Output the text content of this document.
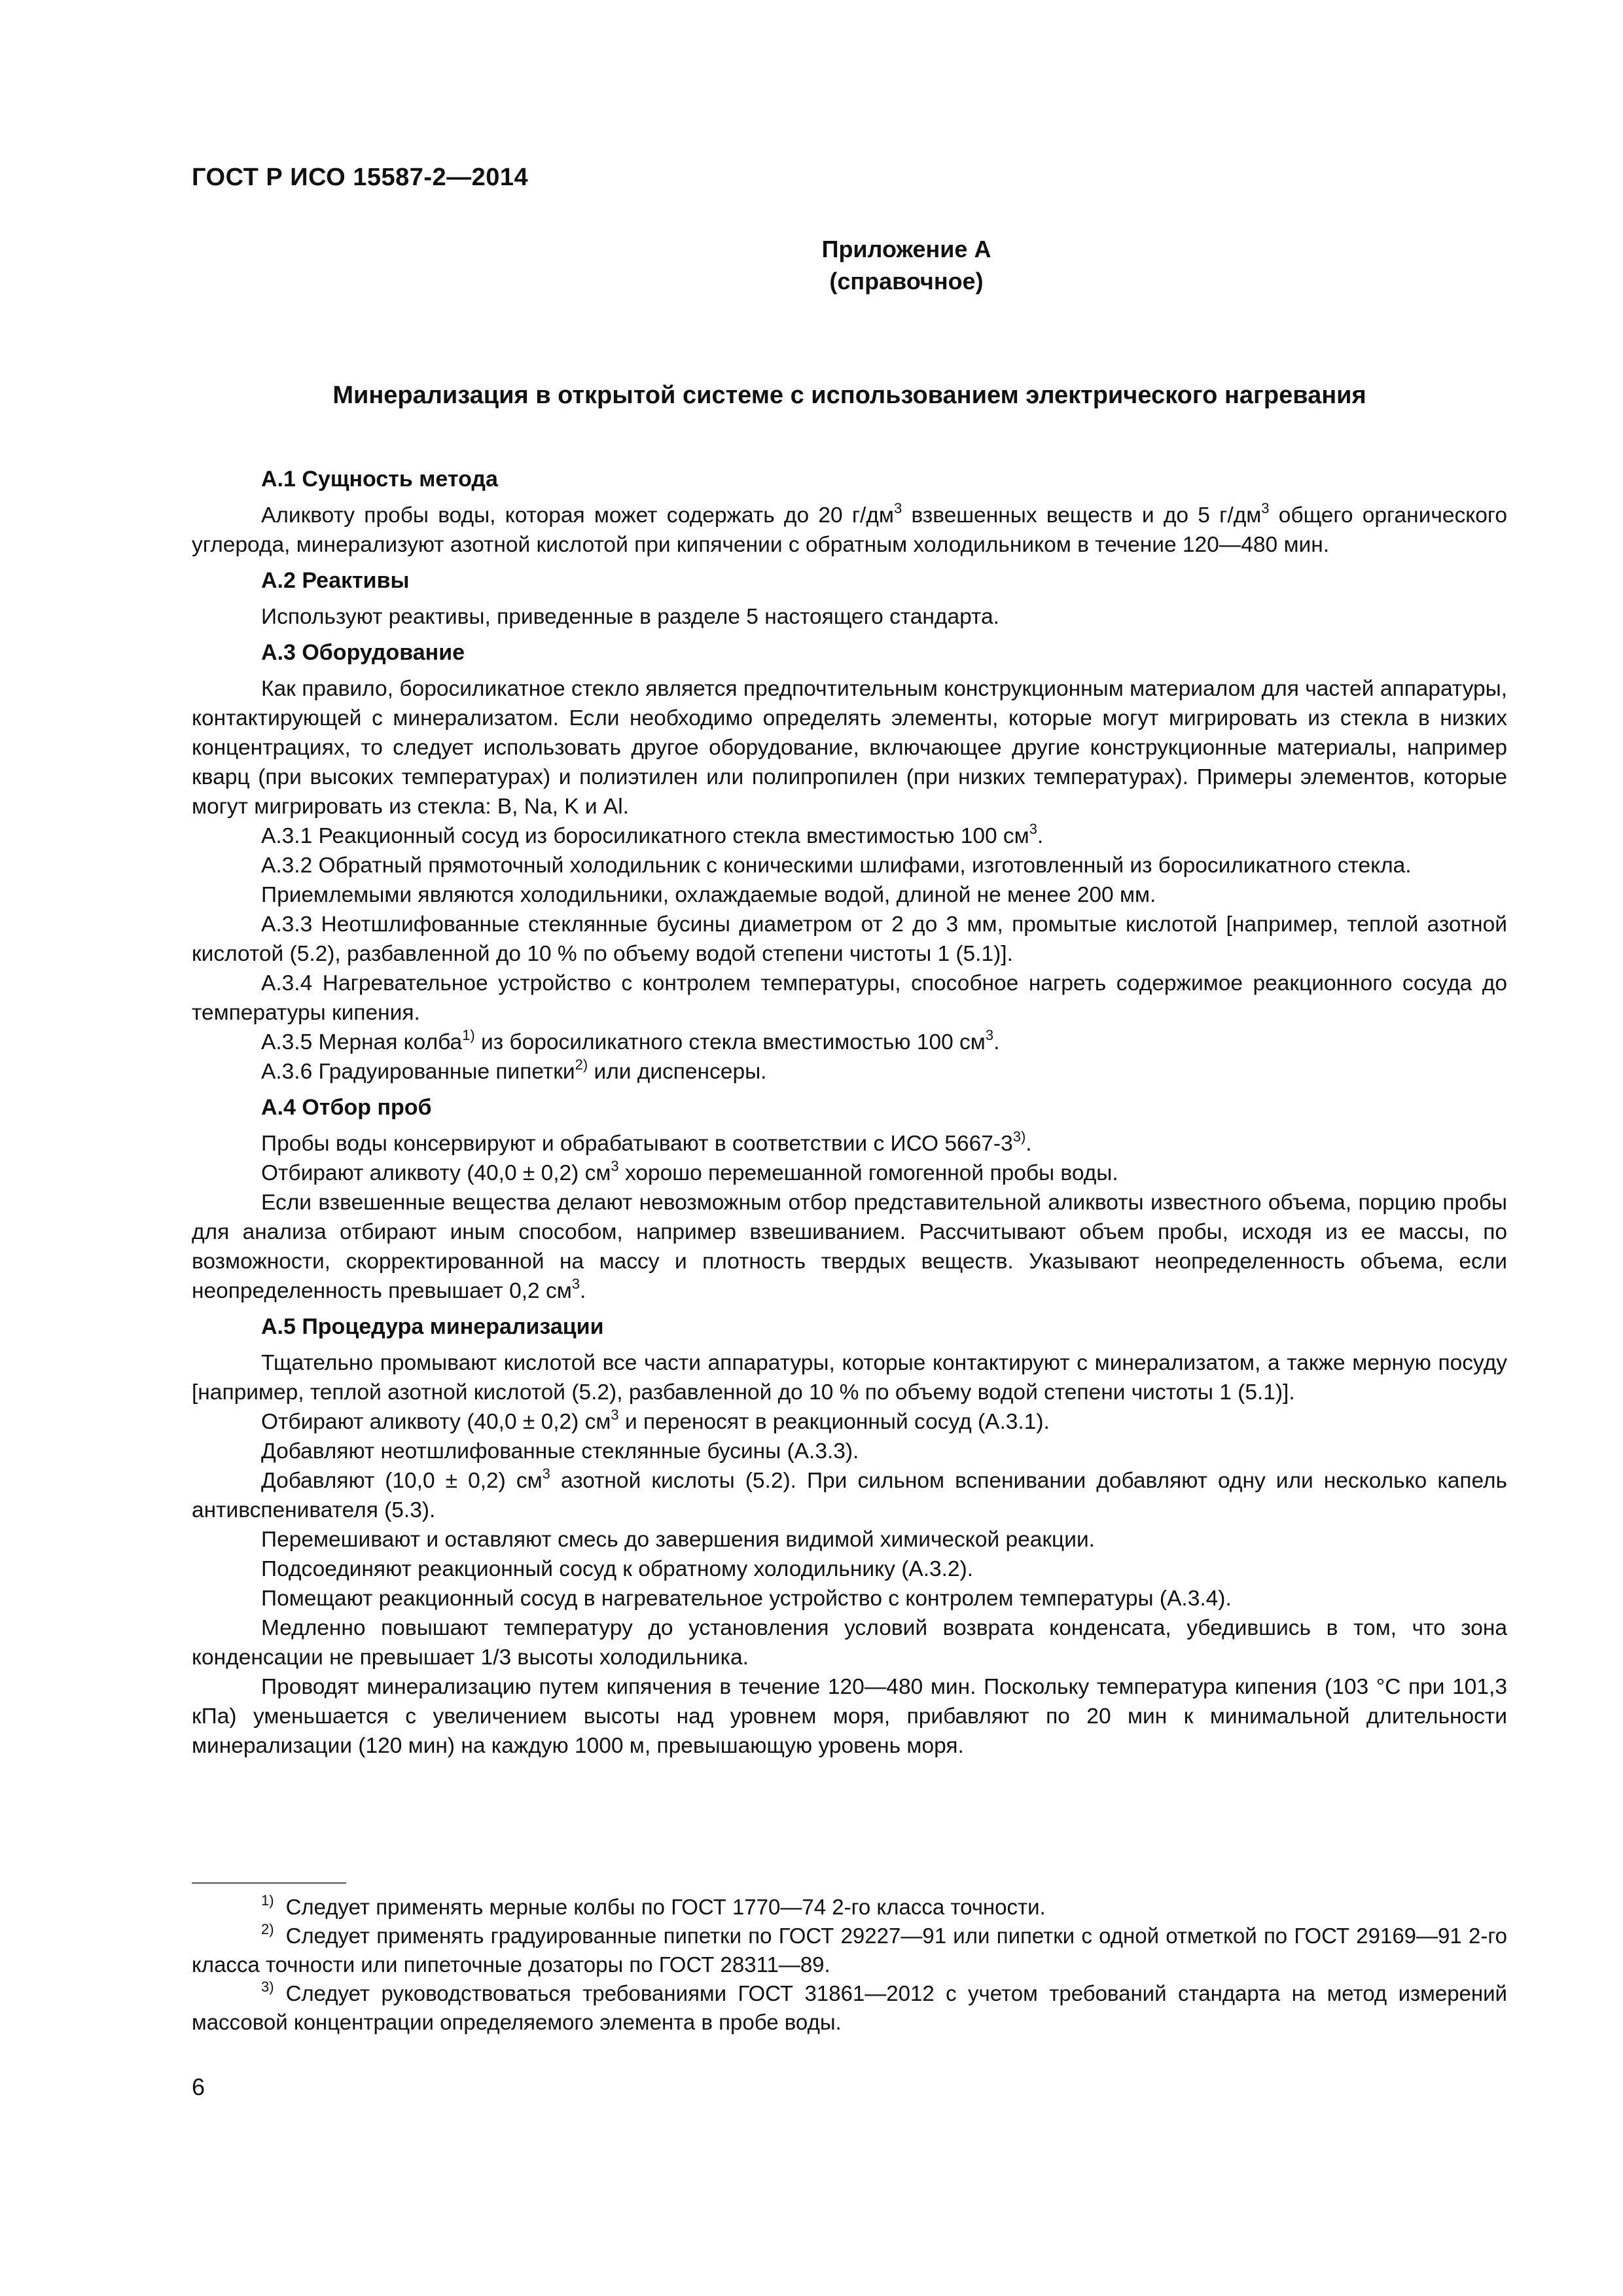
ГОСТ Р ИСО 15587-2—2014
Приложение А
(справочное)
Минерализация в открытой системе с использованием электрического нагревания
А.1 Сущность метода

Аликвоту пробы воды, которая может содержать до 20 $г/дм^3$ взвешенных веществ и до 5 $г/дм^3$ общего органического углерода, минерализуют азотной кислотой при кипячении с обратным холодильником в течение 120—480 мин.

А.2 Реактивы

Используют реактивы, приведенные в разделе 5 настоящего стандарта.

А.3 Оборудование

Как правило, боросиликатное стекло является предпочтительным конструкционным материалом для частей аппаратуры, контактирующей с минерализатом. Если необходимо определять элементы, которые могут мигрировать из стекла в низких концентрациях, то следует использовать другое оборудование, включающее другие конструкционные материалы, например кварц (при высоких температурах) и полиэтилен или полипропилен (при низких температурах). Примеры элементов, которые могут мигрировать из стекла: B, Na, K и Al.

А.3.1 Реакционный сосуд из боросиликатного стекла вместимостью 100 $см^3$.

А.3.2 Обратный прямоточный холодильник с коническими шлифами, изготовленный из боросиликатного стекла.

Приемлемыми являются холодильники, охлаждаемые водой, длиной не менее 200 мм.

А.3.3 Неотшлифованные стеклянные бусины диаметром от 2 до 3 мм, промытые кислотой [например, теплой азотной кислотой (5.2), разбавленной до 10 % по объему водой степени чистоты 1 (5.1)].

А.3.4 Нагревательное устройство с контролем температуры, способное нагреть содержимое реакционного сосуда до температуры кипения.

А.3.5 Мерная колба$^{1)}$ из боросиликатного стекла вместимостью 100 $см^3$.

А.3.6 Градуированные пипетки$^{2)}$ или диспенсеры.

А.4 Отбор проб

Пробы воды консервируют и обрабатывают в соответствии с ИСО 5667-3$^{3)}$.

Отбирают аликвоту (40,0 ± 0,2) $см^3$ хорошо перемешанной гомогенной пробы воды.

Если взвешенные вещества делают невозможным отбор представительной аликвоты известного объема, порцию пробы для анализа отбирают иным способом, например взвешиванием. Рассчитывают объем пробы, исходя из ее массы, по возможности, скорректированной на массу и плотность твердых веществ. Указывают неопределенность объема, если неопределенность превышает 0,2 $см^3$.

А.5 Процедура минерализации

Тщательно промывают кислотой все части аппаратуры, которые контактируют с минерализатом, а также мерную посуду [например, теплой азотной кислотой (5.2), разбавленной до 10 % по объему водой степени чистоты 1 (5.1)].

Отбирают аликвоту (40,0 ± 0,2) $см^3$ и переносят в реакционный сосуд (А.3.1).

Добавляют неотшлифованные стеклянные бусины (А.3.3).

Добавляют (10,0 ± 0,2) $см^3$ азотной кислоты (5.2). При сильном вспенивании добавляют одну или несколько капель антивспенивателя (5.3).

Перемешивают и оставляют смесь до завершения видимой химической реакции.

Подсоединяют реакционный сосуд к обратному холодильнику (А.3.2).

Помещают реакционный сосуд в нагревательное устройство с контролем температуры (А.3.4).

Медленно повышают температуру до установления условий возврата конденсата, убедившись в том, что зона конденсации не превышает 1/3 высоты холодильника.

Проводят минерализацию путем кипячения в течение 120—480 мин. Поскольку температура кипения (103 °С при 101,3 кПа) уменьшается с увеличением высоты над уровнем моря, прибавляют по 20 мин к минимальной длительности минерализации (120 мин) на каждую 1000 м, превышающую уровень моря.

$^{1)}$ Следует применять мерные колбы по ГОСТ 1770—74 2-го класса точности.

$^{2)}$ Следует применять градуированные пипетки по ГОСТ 29227—91 или пипетки с одной отметкой по ГОСТ 29169—91 2-го класса точности или пипеточные дозаторы по ГОСТ 28311—89.

$^{3)}$ Следует руководствоваться требованиями ГОСТ 31861—2012 с учетом требований стандарта на метод измерений массовой концентрации определяемого элемента в пробе воды.

6
